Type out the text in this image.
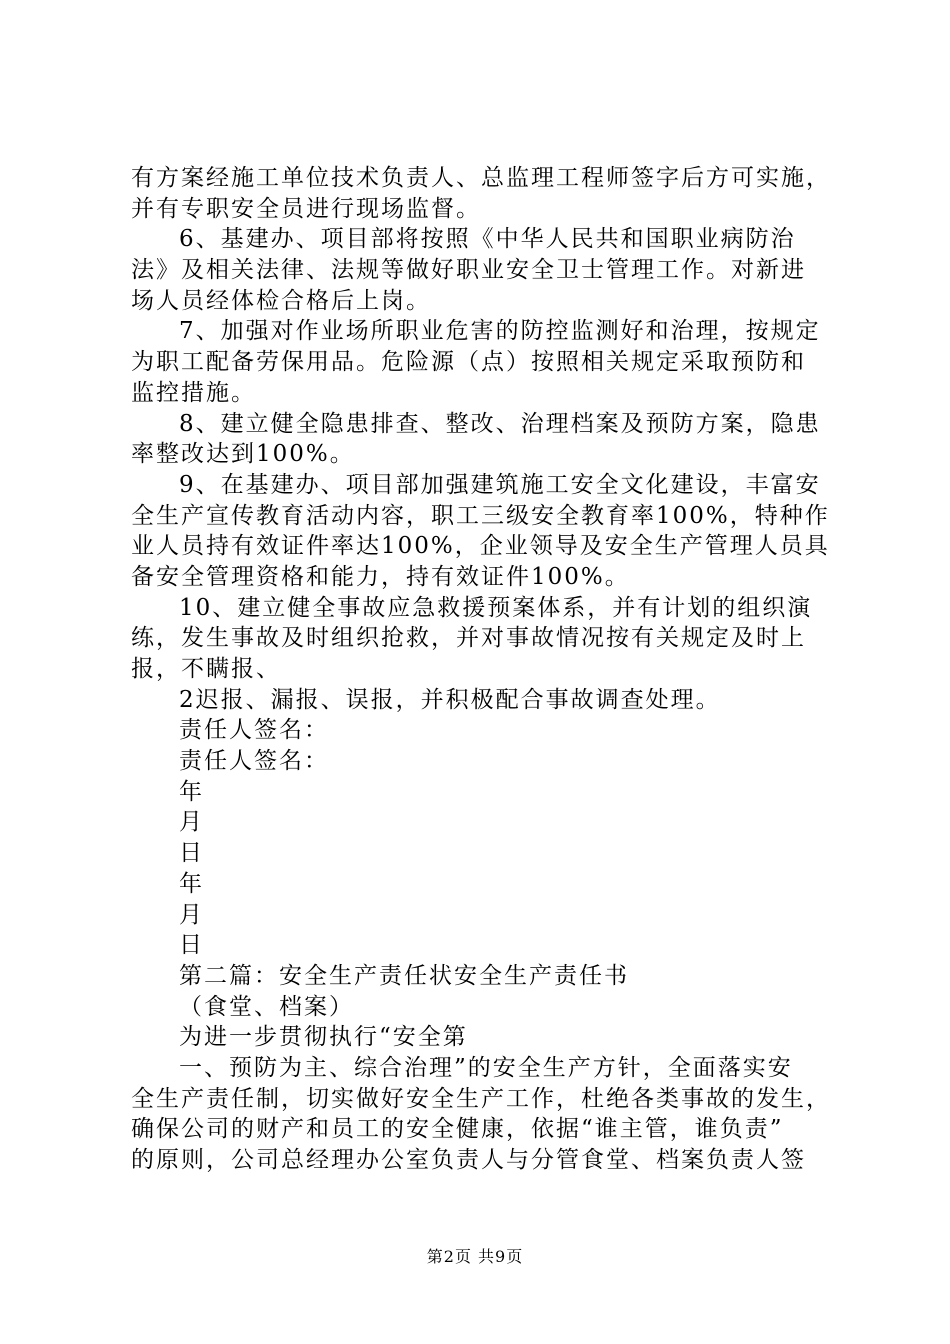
有方案经施工单位技术负责人、总监理工程师签字后方可实施，
并有专职安全员进行现场监督。
6、基建办、项目部将按照《中华人民共和国职业病防治
法》及相关法律、法规等做好职业安全卫士管理工作。对新进
场人员经体检合格后上岗。
7、加强对作业场所职业危害的防控监测好和治理，按规定
为职工配备劳保用品。危险源（点）按照相关规定采取预防和
监控措施。
8、建立健全隐患排查、整改、治理档案及预防方案，隐患
率整改达到100%。
9、在基建办、项目部加强建筑施工安全文化建设，丰富安
全生产宣传教育活动内容，职工三级安全教育率100%，特种作
业人员持有效证件率达100%，企业领导及安全生产管理人员具
备安全管理资格和能力，持有效证件100%。
10、建立健全事故应急救援预案体系，并有计划的组织演
练，发生事故及时组织抢救，并对事故情况按有关规定及时上
报，不瞒报、
2迟报、漏报、误报，并积极配合事故调查处理。
责任人签名：
责任人签名：
年
月
日
年
月
日
第二篇：安全生产责任状安全生产责任书
（食堂、档案）
为进一步贯彻执行“安全第
一、预防为主、综合治理”的安全生产方针，全面落实安
全生产责任制，切实做好安全生产工作，杜绝各类事故的发生，
确保公司的财产和员工的安全健康，依据“谁主管，谁负责”
的原则，公司总经理办公室负责人与分管食堂、档案负责人签
第2页 共9页
